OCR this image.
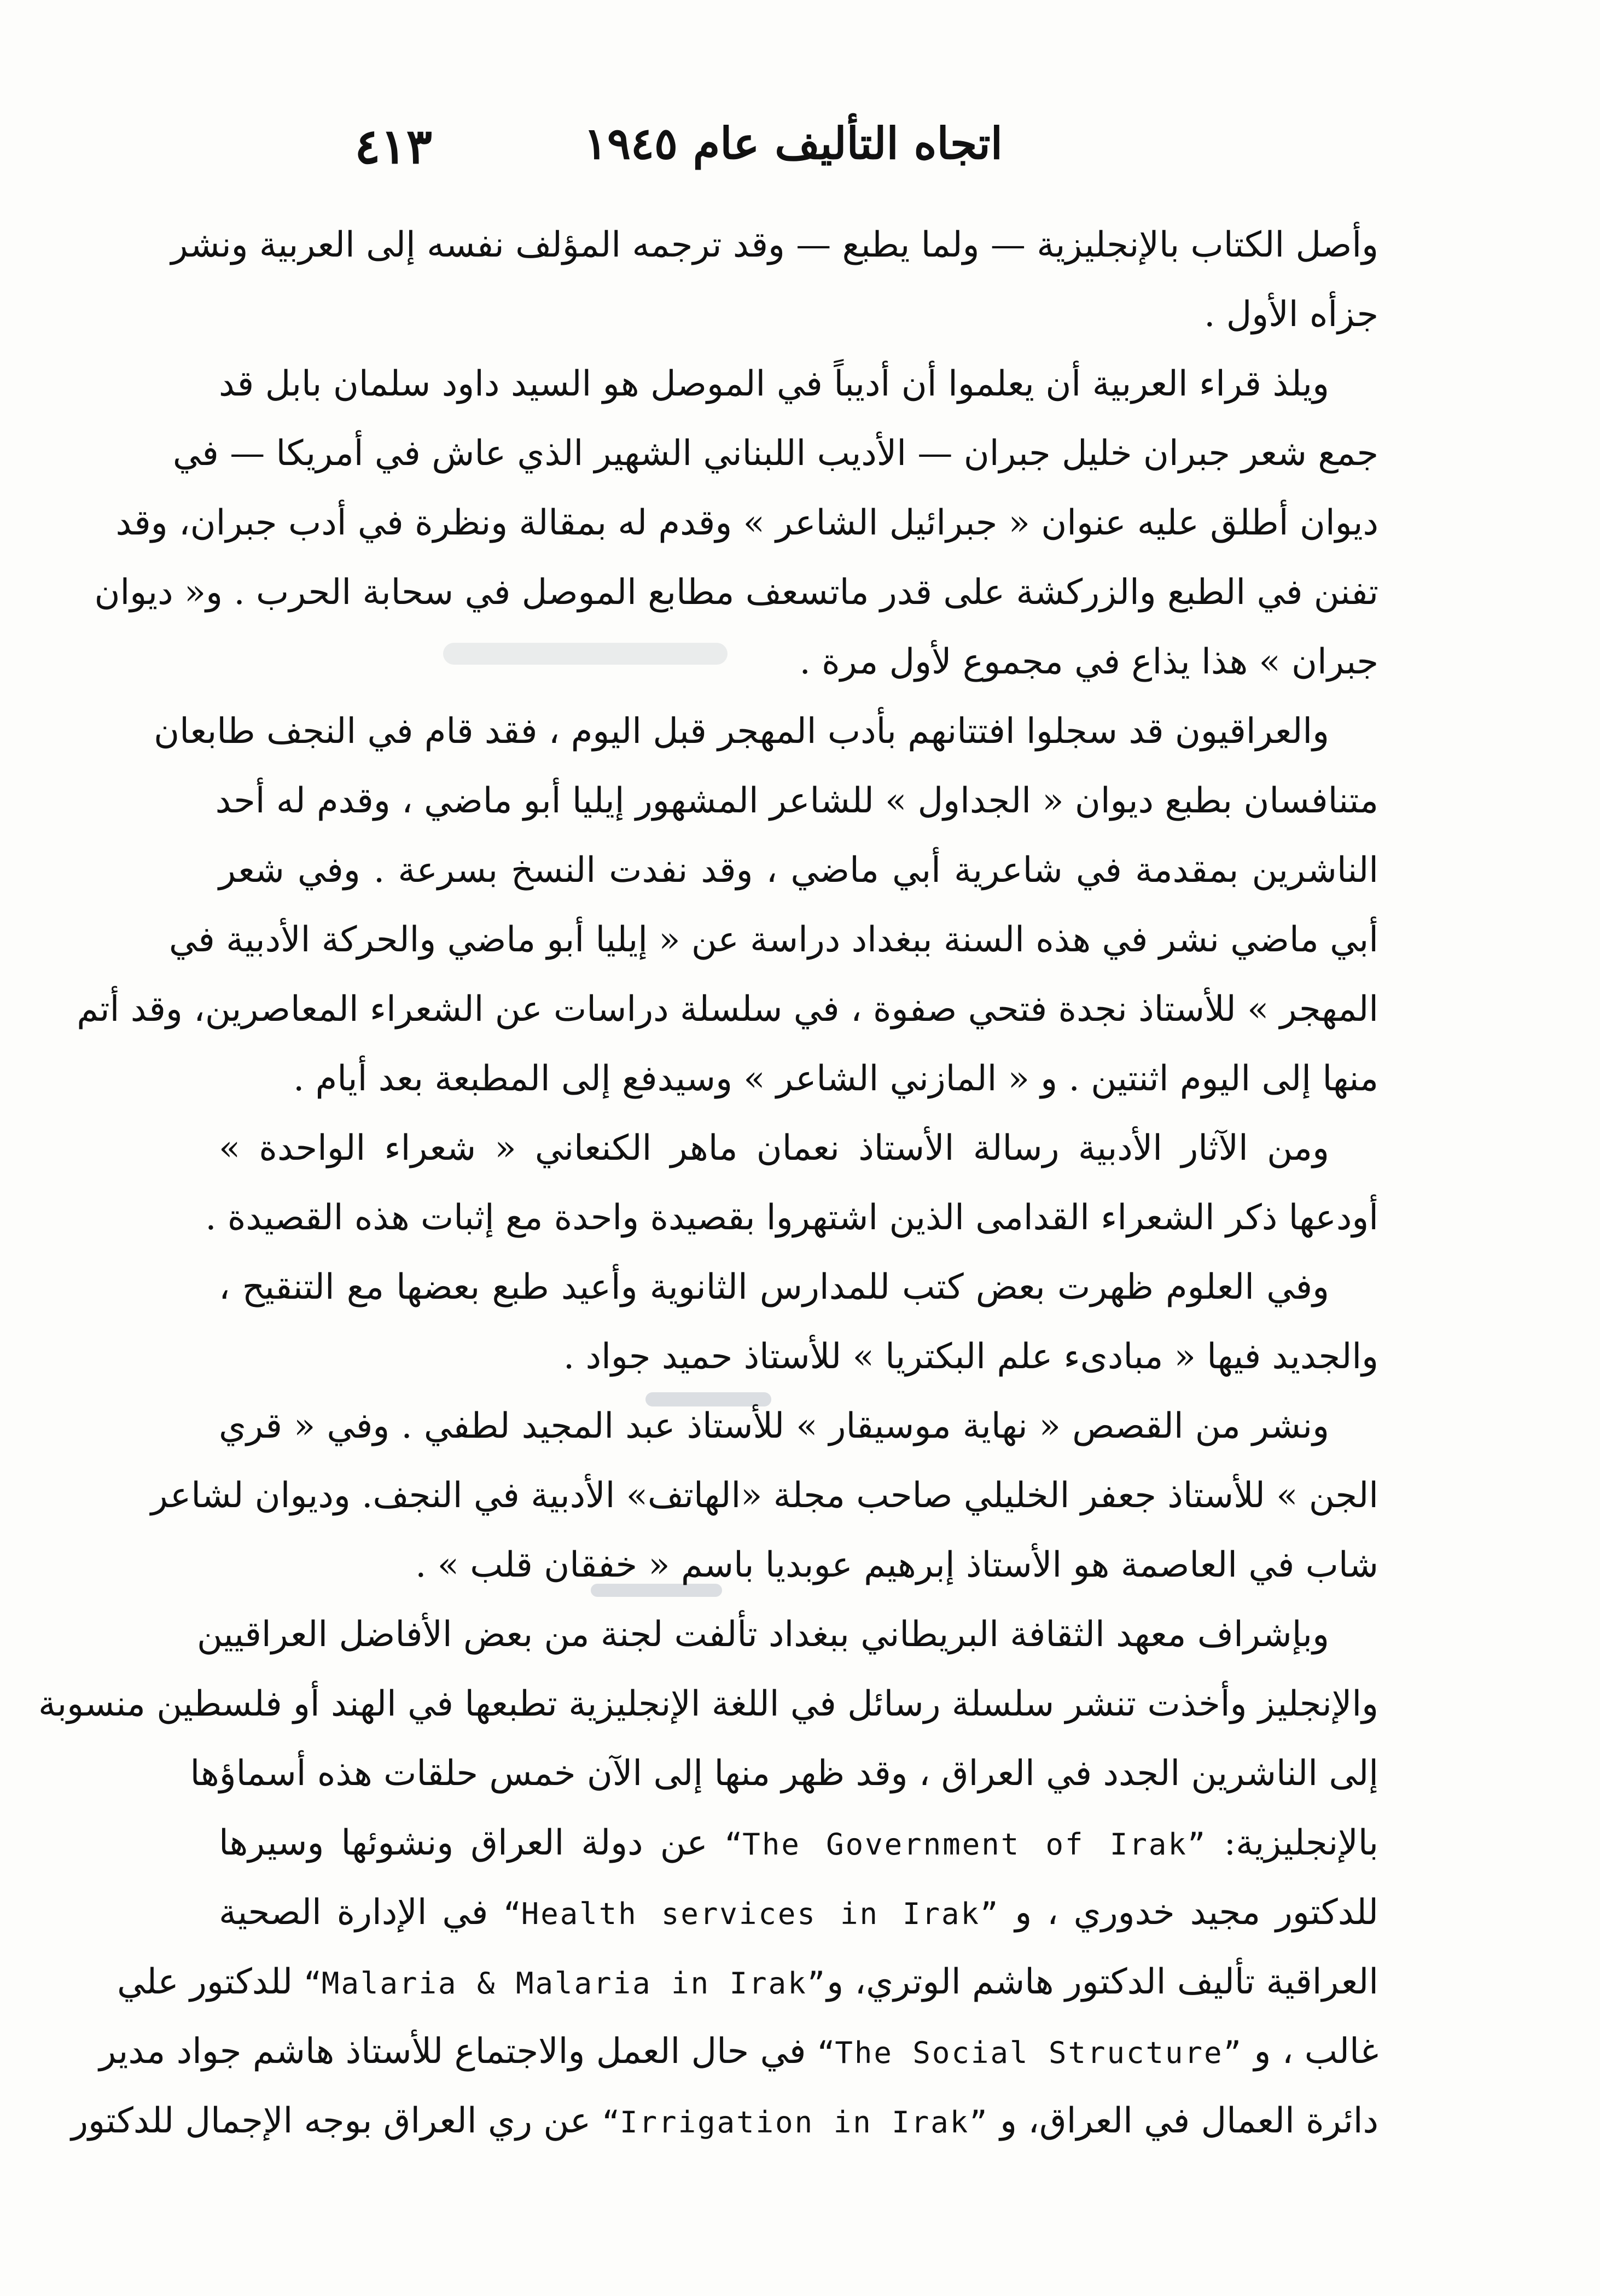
٤١٣	اتجاه التأليف عام ١٩٤٥
وأصل الكتاب بالإنجليزية — ولما يطبع — وقد ترجمه المؤلف نفسه إلى العربية ونشر
جزأه الأول .
ويلذ قراء العربية أن يعلموا أن أديباً في الموصل هو السيد داود سلمان بابل قد
جمع شعر جبران خليل جبران — الأديب اللبناني الشهير الذي عاش في أمريكا — في
ديوان أطلق عليه عنوان « جبرائيل الشاعر » وقدم له بمقالة ونظرة في أدب جبران، وقد
تفنن في الطبع والزركشة على قدر ماتسعف مطابع الموصل في سحابة الحرب . و« ديوان
جبران » هذا يذاع في مجموع لأول مرة .
والعراقيون قد سجلوا افتتانهم بأدب المهجر قبل اليوم ، فقد قام في النجف طابعان
متنافسان بطبع ديوان « الجداول » للشاعر المشهور إيليا أبو ماضي ، وقدم له أحد
الناشرين بمقدمة في شاعرية أبي ماضي ، وقد نفدت النسخ بسرعة . وفي شعر
أبي ماضي نشر في هذه السنة ببغداد دراسة عن « إيليا أبو ماضي والحركة الأدبية في
المهجر » للأستاذ نجدة فتحي صفوة ، في سلسلة دراسات عن الشعراء المعاصرين، وقد أتم
منها إلى اليوم اثنتين . و « المازني الشاعر » وسيدفع إلى المطبعة بعد أيام .
ومن الآثار الأدبية رسالة الأستاذ نعمان ماهر الكنعاني « شعراء الواحدة »
أودعها ذكر الشعراء القدامى الذين اشتهروا بقصيدة واحدة مع إثبات هذه القصيدة .
وفي العلوم ظهرت بعض كتب للمدارس الثانوية وأعيد طبع بعضها مع التنقيح ،
والجديد فيها « مبادىء علم البكتريا » للأستاذ حميد جواد .
ونشر من القصص « نهاية موسيقار » للأستاذ عبد المجيد لطفي . وفي « قري
الجن » للأستاذ جعفر الخليلي صاحب مجلة «الهاتف» الأدبية في النجف. وديوان لشاعر
شاب في العاصمة هو الأستاذ إبرهيم عوبديا باسم « خفقان قلب » .
وبإشراف معهد الثقافة البريطاني ببغداد تألفت لجنة من بعض الأفاضل العراقيين
والإنجليز وأخذت تنشر سلسلة رسائل في اللغة الإنجليزية تطبعها في الهند أو فلسطين منسوبة
إلى الناشرين الجدد في العراق ، وقد ظهر منها إلى الآن خمس حلقات هذه أسماؤها
بالإنجليزية: “The Government of Irak” عن دولة العراق ونشوئها وسيرها
للدكتور مجيد خدوري ، و “Health services in Irak” في الإدارة الصحية
العراقية تأليف الدكتور هاشم الوتري، و“Malaria & Malaria in Irak” للدكتور علي
غالب ، و “The Social Structure” في حال العمل والاجتماع للأستاذ هاشم جواد مدير
دائرة العمال في العراق، و “Irrigation in Irak” عن ري العراق بوجه الإجمال للدكتور
